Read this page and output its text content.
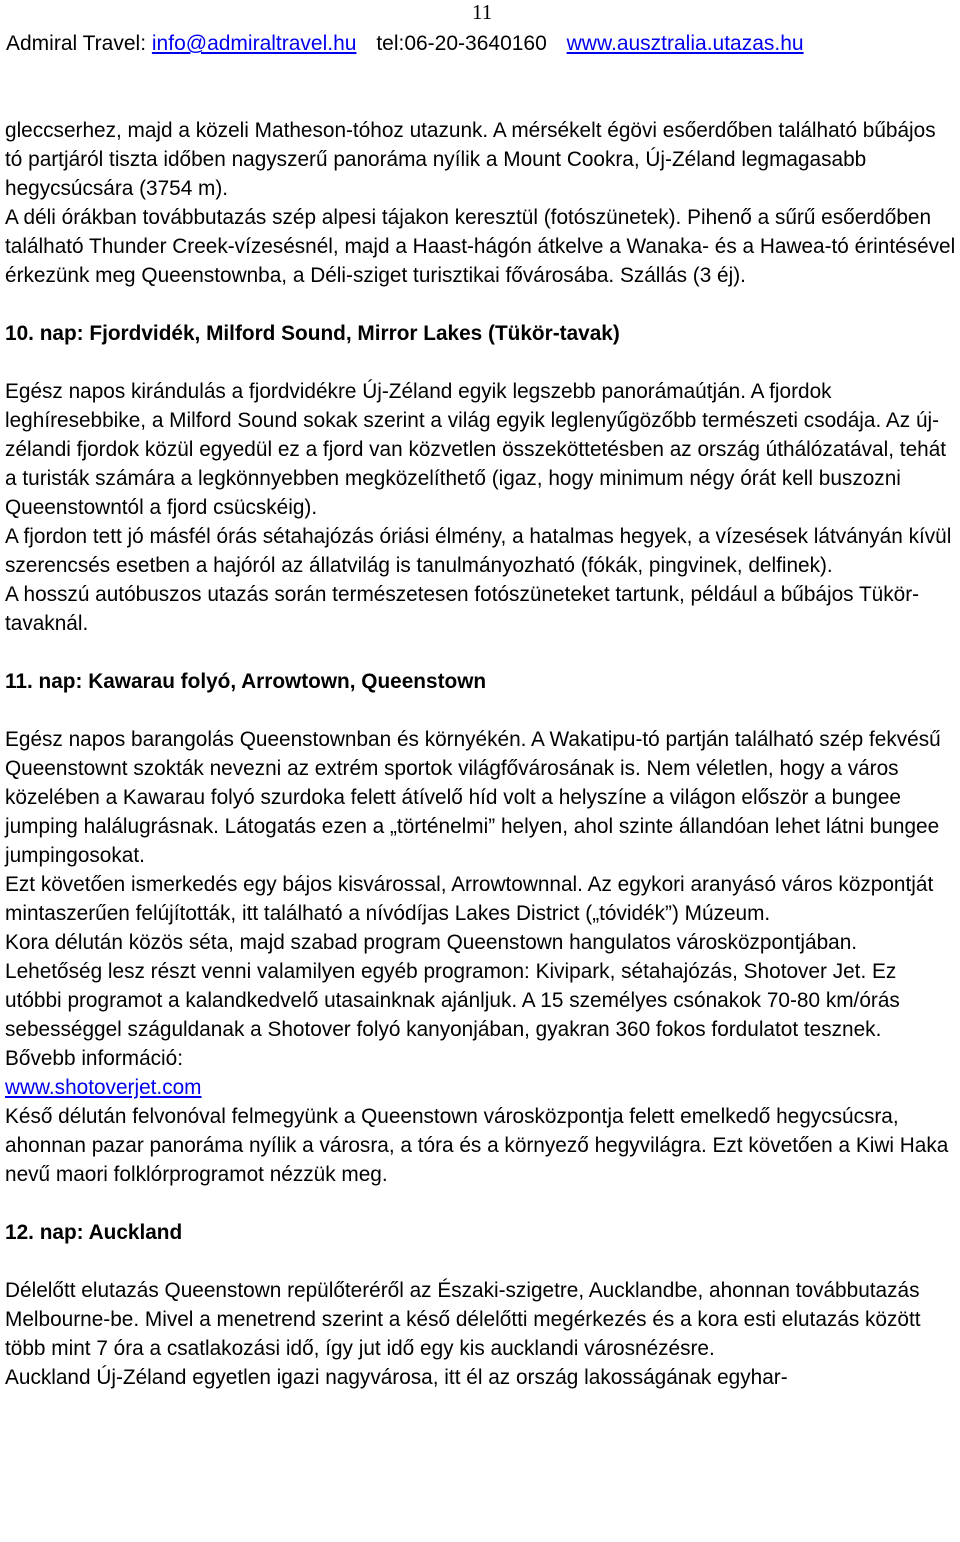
11
Admiral Travel: info@admiraltravel.hu tel:06-20-3640160 www.ausztralia.utazas.hu

gleccserhez, majd a közeli Matheson-tóhoz utazunk. A mérsékelt égövi esőerdőben található bűbájos tó partjáról tiszta időben nagyszerű panoráma nyílik a Mount Cookra, Új-Zéland legmagasabb hegycsúcsára (3754 m).

A déli órákban továbbutazás szép alpesi tájakon keresztül (fotószünetek). Pihenő a sűrű esőerdőben található Thunder Creek-vízesésnél, majd a Haast-hágón átkelve a Wanaka- és a Hawea-tó érintésével érkezünk meg Queenstownba, a Déli-sziget turisztikai fővárosába. Szállás (3 éj).

10. nap: Fjordvidék, Milford Sound, Mirror Lakes (Tükör-tavak)

Egész napos kirándulás a fjordvidékre Új-Zéland egyik legszebb panorámaútján. A fjordok leghíresebbike, a Milford Sound sokak szerint a világ egyik leglenyűgözőbb természeti csodája. Az új-zélandi fjordok közül egyedül ez a fjord van közvetlen összeköttetésben az ország úthálózatával, tehát a turisták számára a legkönnyebben megközelíthető (igaz, hogy minimum négy órát kell buszozni Queenstowntól a fjord csücskéig).

A fjordon tett jó másfél órás sétahajózás óriási élmény, a hatalmas hegyek, a vízesések látványán kívül szerencsés esetben a hajóról az állatvilág is tanulmányozható (fókák, pingvinek, delfinek).

A hosszú autóbuszos utazás során természetesen fotószüneteket tartunk, például a bűbájos Tükör-tavaknál.

11. nap: Kawarau folyó, Arrowtown, Queenstown

Egész napos barangolás Queenstownban és környékén. A Wakatipu-tó partján található szép fekvésű Queenstownt szokták nevezni az extrém sportok világfővárosának is. Nem véletlen, hogy a város közelében a Kawarau folyó szurdoka felett átívelő híd volt a helyszíne a világon először a bungee jumping halálugrásnak. Látogatás ezen a „történelmi” helyen, ahol szinte állandóan lehet látni bungee jumpingosokat.

Ezt követően ismerkedés egy bájos kisvárossal, Arrowtownnal. Az egykori aranyásó város központját mintaszerűen felújították, itt található a nívódíjas Lakes District („tóvidék”) Múzeum.

Kora délután közös séta, majd szabad program Queenstown hangulatos városközpontjában. Lehetőség lesz részt venni valamilyen egyéb programon: Kivipark, sétahajózás, Shotover Jet. Ez utóbbi programot a kalandkedvelő utasainknak ajánljuk. A 15 személyes csónakok 70-80 km/órás sebességgel száguldanak a Shotover folyó kanyonjában, gyakran 360 fokos fordulatot tesznek. Bővebb információ:

www.shotoverjet.com

Késő délután felvonóval felmegyünk a Queenstown városközpontja felett emelkedő hegycsúcsra, ahonnan pazar panoráma nyílik a városra, a tóra és a környező hegyvilágra. Ezt követően a Kiwi Haka nevű maori folklórprogramot nézzük meg.

12. nap: Auckland

Délelőtt elutazás Queenstown repülőteréről az Északi-szigetre, Aucklandbe, ahonnan továbbutazás Melbourne-be. Mivel a menetrend szerint a késő délelőtti megérkezés és a kora esti elutazás között több mint 7 óra a csatlakozási idő, így jut idő egy kis aucklandi városnézésre.

Auckland Új-Zéland egyetlen igazi nagyvárosa, itt él az ország lakosságának egyhar-
